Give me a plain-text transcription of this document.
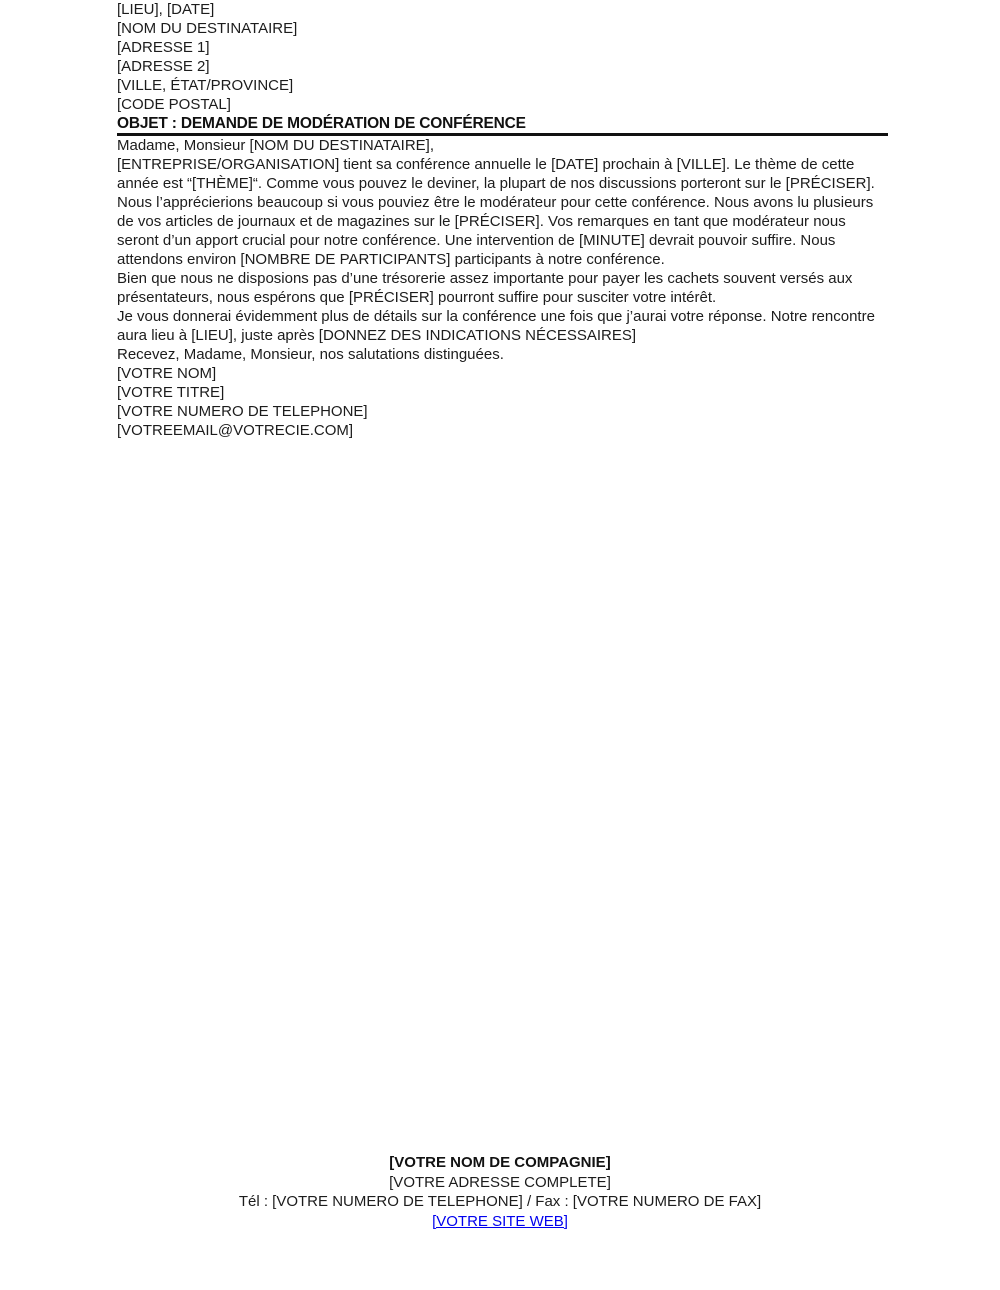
[LIEU], [DATE]

[NOM DU DESTINATAIRE]
[ADRESSE 1]
[ADRESSE 2]
[VILLE, ÉTAT/PROVINCE]
[CODE POSTAL]
OBJET : DEMANDE DE MODÉRATION DE CONFÉRENCE

Madame, Monsieur [NOM DU DESTINATAIRE],

[ENTREPRISE/ORGANISATION] tient sa conférence annuelle le [DATE] prochain à [VILLE]. Le thème de cette année est “[THÈME]“. Comme vous pouvez le deviner, la plupart de nos discussions porteront sur le [PRÉCISER].

Nous l’apprécierions beaucoup si vous pouviez être le modérateur pour cette conférence. Nous avons lu plusieurs de vos articles de journaux et de magazines sur le [PRÉCISER]. Vos remarques en tant que modérateur nous seront d’un apport crucial pour notre conférence. Une intervention de [MINUTE] devrait pouvoir suffire. Nous attendons environ [NOMBRE DE PARTICIPANTS] participants à notre conférence.

Bien que nous ne disposions pas d’une trésorerie assez importante pour payer les cachets souvent versés aux présentateurs, nous espérons que [PRÉCISER] pourront suffire pour susciter votre intérêt.

Je vous donnerai évidemment plus de détails sur la conférence une fois que j’aurai votre réponse. Notre rencontre aura lieu à [LIEU], juste après [DONNEZ DES INDICATIONS NÉCESSAIRES]

Recevez, Madame, Monsieur, nos salutations distinguées.

[VOTRE NOM]
[VOTRE TITRE]
[VOTRE NUMERO DE TELEPHONE]
[VOTREEMAIL@VOTRECIE.COM]
[VOTRE NOM DE COMPAGNIE]
[VOTRE ADRESSE COMPLETE]
Tél : [VOTRE NUMERO DE TELEPHONE] / Fax : [VOTRE NUMERO DE FAX]
[VOTRE SITE WEB]
